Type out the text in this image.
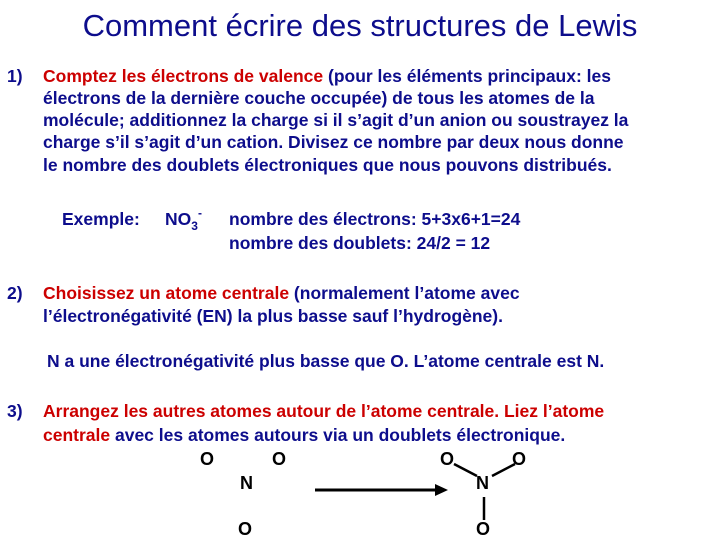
Comment écrire des structures de Lewis
1) Comptez les électrons de valence (pour les éléments principaux: les
électrons de la dernière couche occupée) de tous les atomes de la
molécule; additionnez la charge si il s’agit d’un anion ou soustrayez la
charge s’il s’agit d’un cation. Divisez ce nombre par deux nous donne
le nombre des doublets électroniques que nous pouvons distribués.
Exemple: $NO_3^-$ nombre des électrons: 5+3x6+1=24
nombre des doublets: 24/2 = 12
2) Choisissez un atome centrale (normalement l’atome avec
l’électronégativité (EN) la plus basse sauf l’hydrogène).
N a une électronégativité plus basse que O. L’atome centrale est N.
3) Arrangez les autres atomes autour de l’atome centrale. Liez l’atome
centrale avec les atomes autours via un doublets électronique.
O	O
N
O
O	O
N
O
